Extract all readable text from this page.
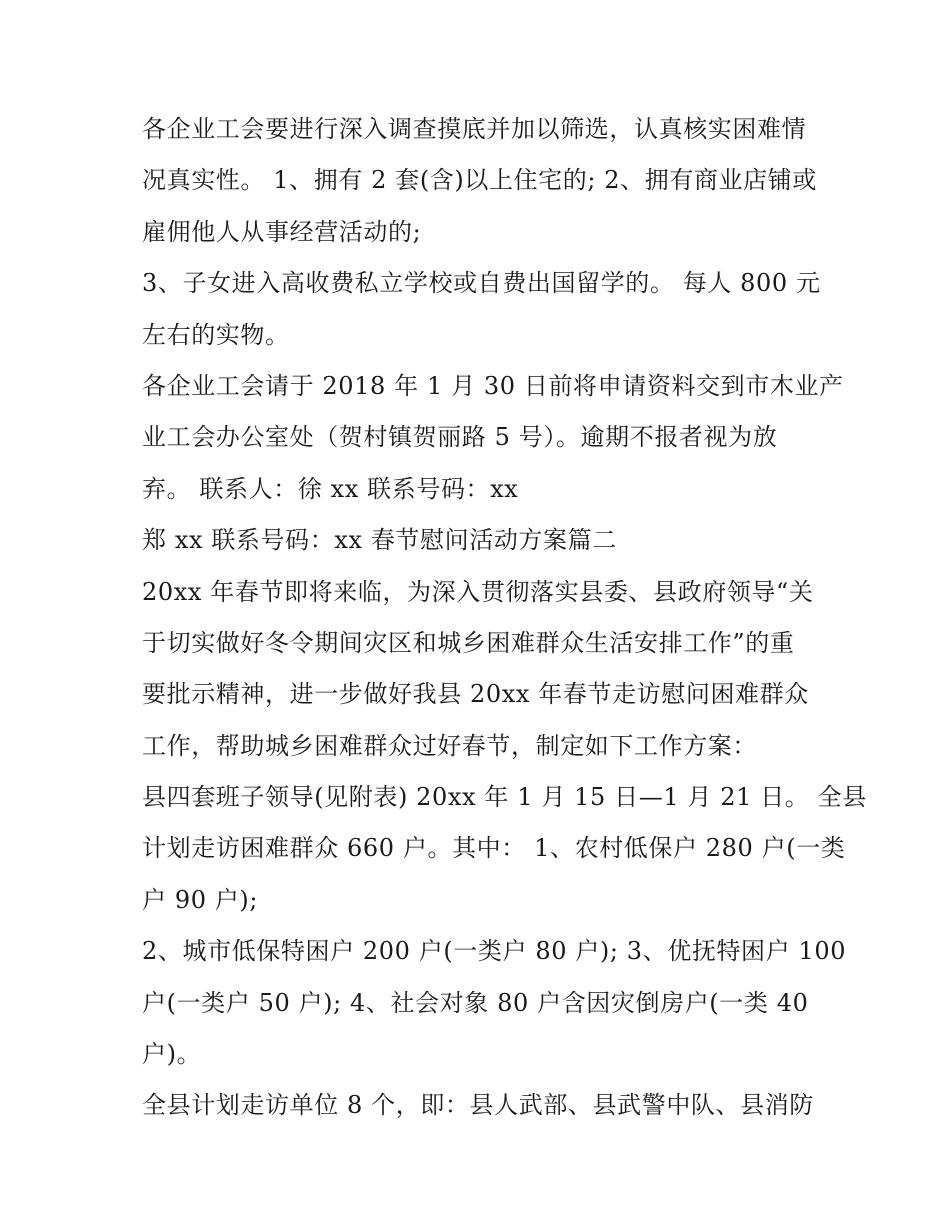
各企业工会要进行深入调查摸底并加以筛选，认真核实困难情
况真实性。 1、拥有 2 套(含)以上住宅的; 2、拥有商业店铺或
雇佣他人从事经营活动的;
3、子女进入高收费私立学校或自费出国留学的。 每人 800 元
左右的实物。
各企业工会请于 2018 年 1 月 30 日前将申请资料交到市木业产
业工会办公室处（贺村镇贺丽路 5 号）。逾期不报者视为放
弃。 联系人：徐 xx 联系号码：xx
郑 xx 联系号码：xx 春节慰问活动方案篇二
20xx 年春节即将来临，为深入贯彻落实县委、县政府领导“关
于切实做好冬令期间灾区和城乡困难群众生活安排工作”的重
要批示精神，进一步做好我县 20xx 年春节走访慰问困难群众
工作，帮助城乡困难群众过好春节，制定如下工作方案：
县四套班子领导(见附表) 20xx 年 1 月 15 日—1 月 21 日。 全县
计划走访困难群众 660 户。其中： 1、农村低保户 280 户(一类
户 90 户);
2、城市低保特困户 200 户(一类户 80 户); 3、优抚特困户 100
户(一类户 50 户); 4、社会对象 80 户含因灾倒房户(一类 40
户)。
全县计划走访单位 8 个，即：县人武部、县武警中队、县消防
